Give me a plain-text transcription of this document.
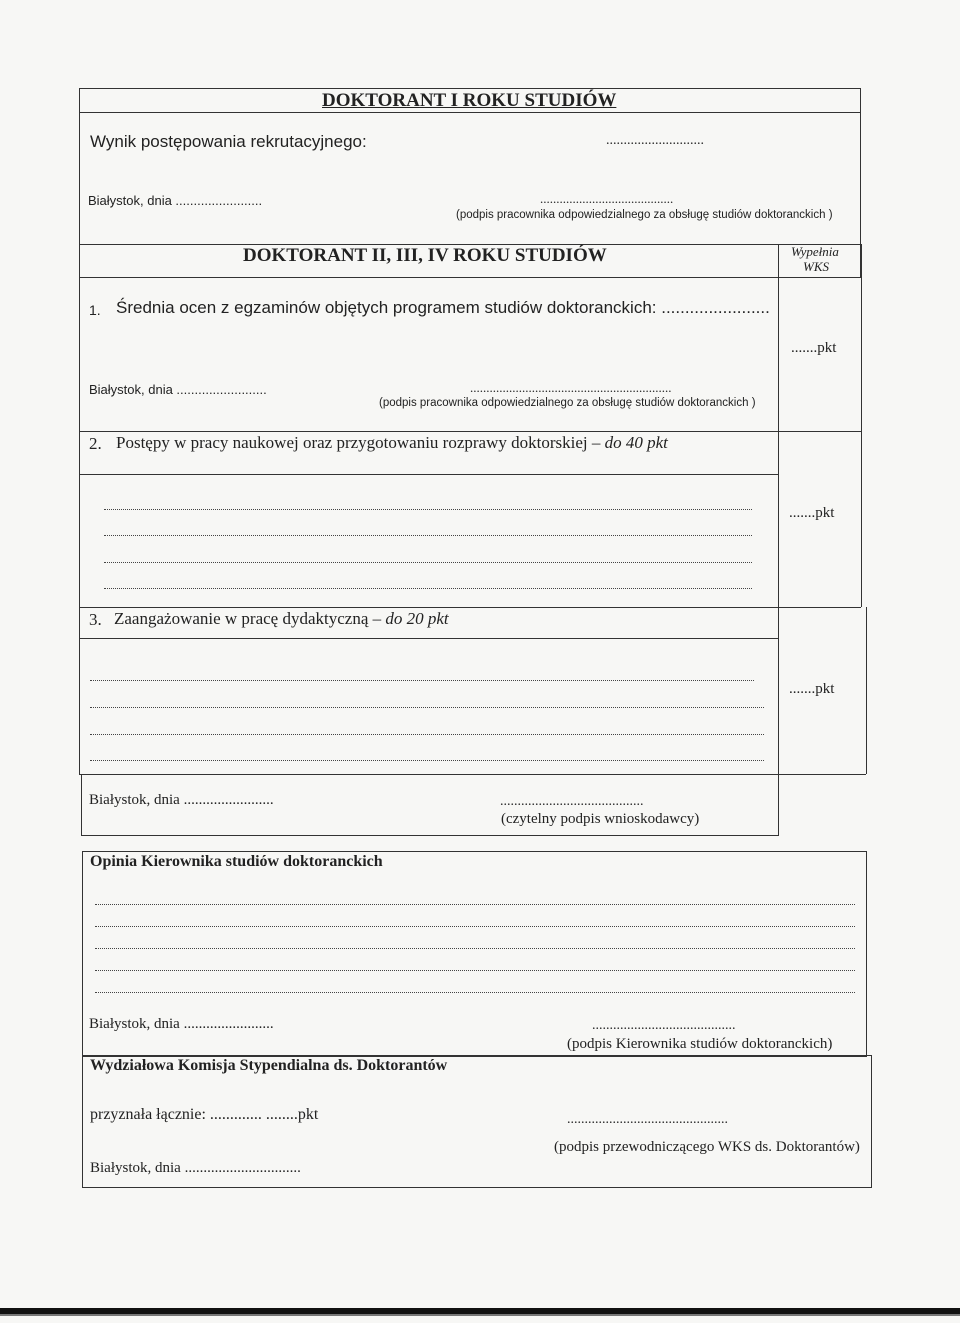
DOKTORANT I ROKU STUDIÓW
Wynik postępowania rekrutacyjnego:	............................
Białystok, dnia ........................	.........................................
(podpis pracownika odpowiedzialnego za obsługę studiów doktoranckich )
DOKTORANT II, III, IV ROKU STUDIÓW	Wypełnia
WKS
1. Średnia ocen z egzaminów objętych programem studiów doktoranckich: .......................
.......pkt
Białystok, dnia .........................	..............................................................
(podpis pracownika odpowiedzialnego za obsługę studiów doktoranckich )
2. Postępy w pracy naukowej oraz przygotowaniu rozprawy doktorskiej – do 40 pkt
.......pkt
3. Zaangażowanie w pracę dydaktyczną – do 20 pkt
.......pkt
Białystok, dnia ........................	.........................................
(czytelny podpis wnioskodawcy)
Opinia Kierownika studiów doktoranckich
Białystok, dnia ........................	.........................................
(podpis Kierownika studiów doktoranckich)
Wydziałowa Komisja Stypendialna ds. Doktorantów
przyznała łącznie: ............. ........pkt	..............................................
(podpis przewodniczącego WKS ds. Doktorantów)
Białystok, dnia ...............................
